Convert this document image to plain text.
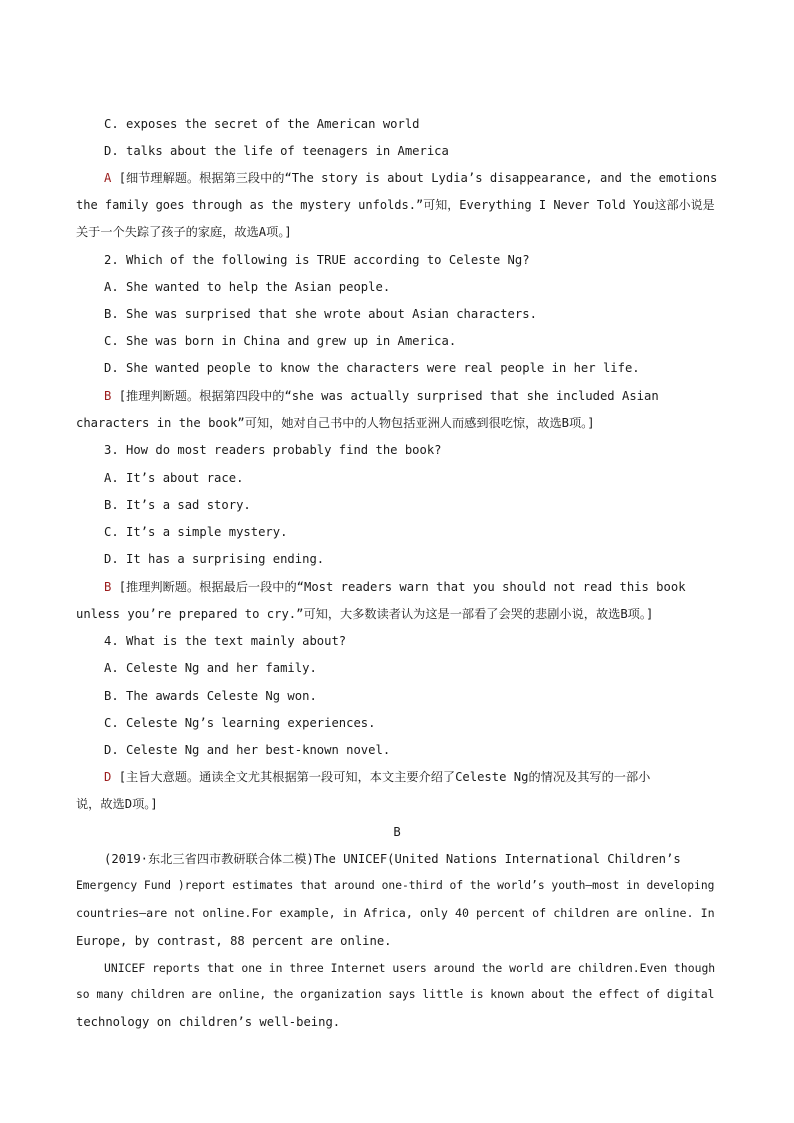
C. exposes the secret of the American world
D. talks about the life of teenagers in America
A [细节理解题。根据第三段中的“The story is about Lydia’s disappearance, and the emotions
the family goes through as the mystery unfolds.”可知，Everything I Never Told You这部小说是
关于一个失踪了孩子的家庭，故选A项。]
2. Which of the following is TRUE according to Celeste Ng?
A. She wanted to help the Asian people.
B. She was surprised that she wrote about Asian characters.
C. She was born in China and grew up in America.
D. She wanted people to know the characters were real people in her life.
B [推理判断题。根据第四段中的“she was actually surprised that she included Asian
characters in the book”可知，她对自己书中的人物包括亚洲人而感到很吃惊，故选B项。]
3. How do most readers probably find the book?
A. It’s about race.
B. It’s a sad story.
C. It’s a simple mystery.
D. It has a surprising ending.
B [推理判断题。根据最后一段中的“Most readers warn that you should not read this book
unless you’re prepared to cry.”可知，大多数读者认为这是一部看了会哭的悲剧小说，故选B项。]
4. What is the text mainly about?
A. Celeste Ng and her family.
B. The awards Celeste Ng won.
C. Celeste Ng’s learning experiences.
D. Celeste Ng and her best-known novel.
D [主旨大意题。通读全文尤其根据第一段可知，本文主要介绍了Celeste Ng的情况及其写的一部小
说，故选D项。]
B
(2019·东北三省四市教研联合体二模)The UNICEF(United Nations International Children’s
Emergency Fund )report estimates that around one-third of the world’s youth—most in developing
countries—are not online.For example, in Africa, only 40 percent of children are online. In
Europe, by contrast, 88 percent are online.
UNICEF reports that one in three Internet users around the world are children.Even though
so many children are online, the organization says little is known about the effect of digital
technology on children’s well-being.
